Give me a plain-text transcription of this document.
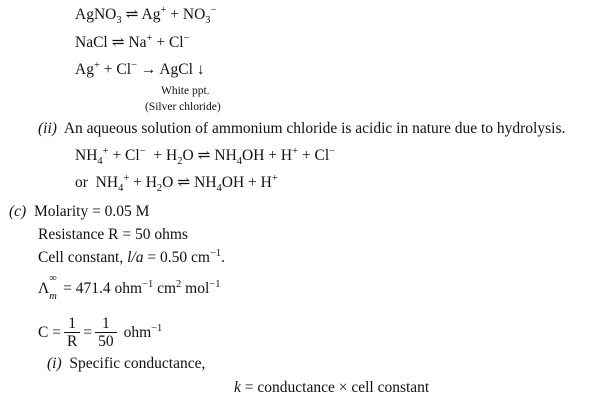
AgNO$_3$ ⇌ $Ag^+ + NO_3^-$
NaCl ⇌ Na+ + Cl−
Ag+ + Cl− → AgCl ↓
White ppt.
(Silver chloride)
(ii) An aqueous solution of ammonium chloride is acidic in nature due to hydrolysis.
$NH_4^+ + Cl^- + H_2O$ ⇌ $NH_4OH + H^+ + Cl^-$
or  $NH_4^+ + H_2O$ ⇌ $NH_4OH + H^+$
(c) Molarity = 0.05 M
Resistance R = 50 ohms
Cell constant, l/a = 0.50 $cm^{-1}$.
Λ
∞
m = 471.4 ohm$^{-1}$ $cm^2$ mol$^{-1}$
$C = \frac{1}{R} = \frac{1}{50} ohm^{-1}$
(i) Specific conductance,
k = conductance × cell constant
